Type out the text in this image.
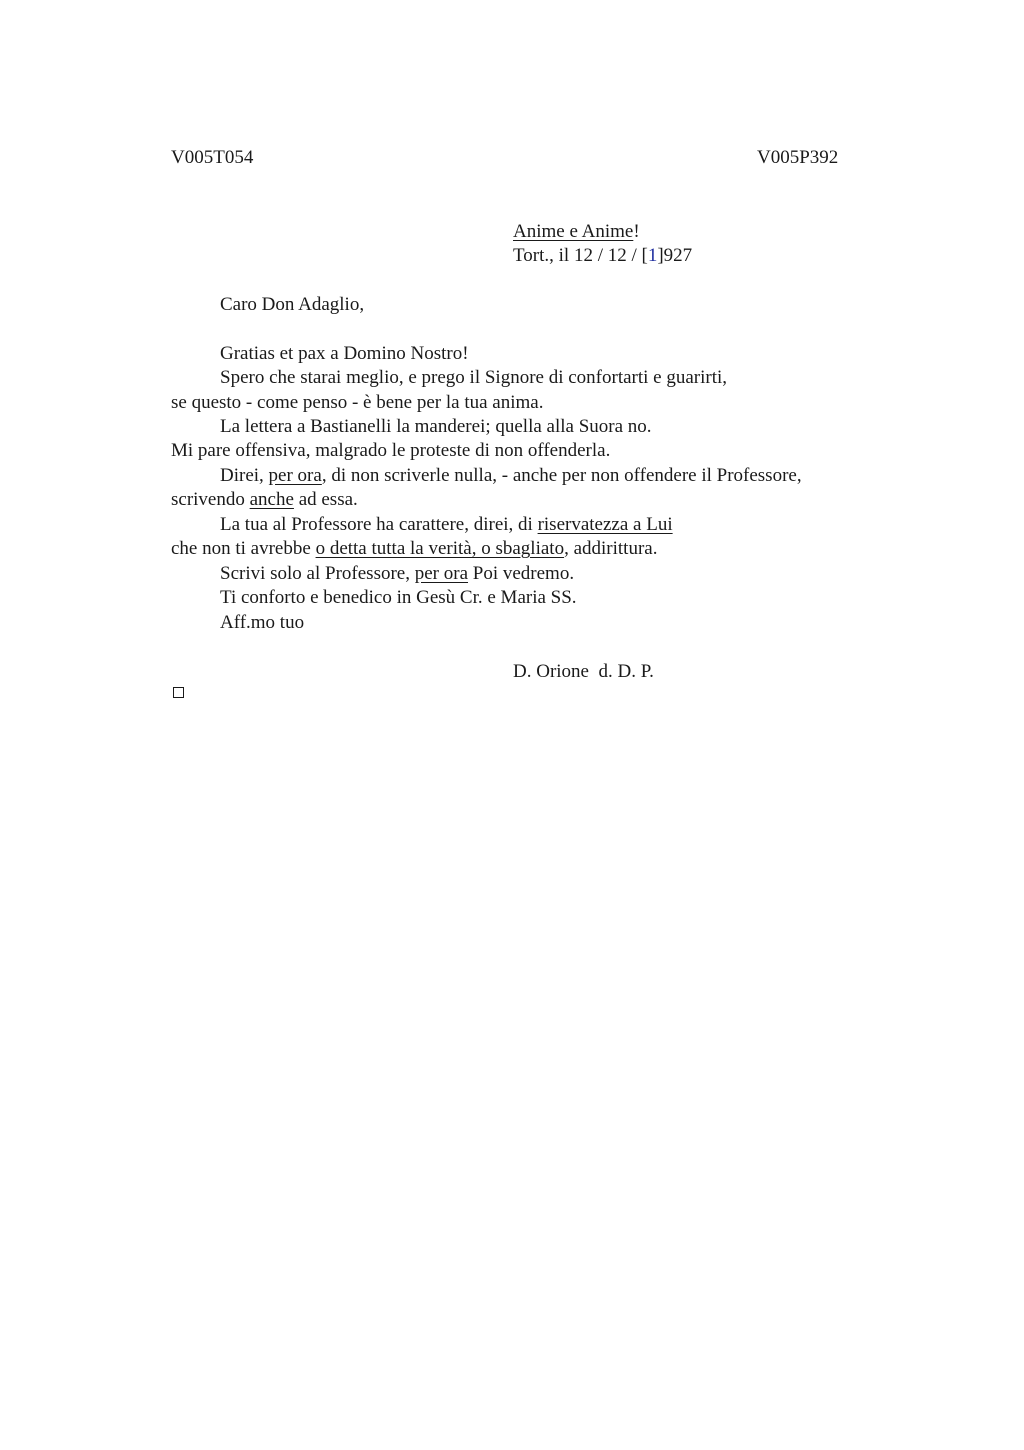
V005T054	V005P392
Anime e Anime!
Tort., il 12 / 12 / [1]927
Caro Don Adaglio,
Gratias et pax a Domino Nostro!
Spero che starai meglio, e prego il Signore di confortarti e guarirti,
se questo - come penso - è bene per la tua anima.
La lettera a Bastianelli la manderei; quella alla Suora no.
Mi pare offensiva, malgrado le proteste di non offenderla.
Direi, per ora, di non scriverle nulla, - anche per non offendere il Professore,
scrivendo anche ad essa.
La tua al Professore ha carattere, direi, di riservatezza a Lui
che non ti avrebbe o detta tutta la verità, o sbagliato, addirittura.
Scrivi solo al Professore, per ora Poi vedremo.
Ti conforto e benedico in Gesù Cr. e Maria SS.
Aff.mo tuo
D. Orione  d. D. P.
